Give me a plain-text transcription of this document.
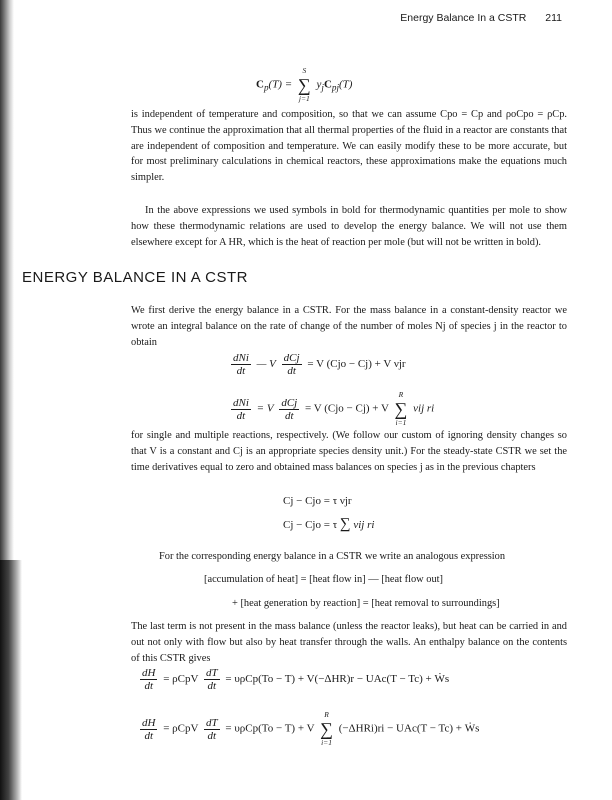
Energy Balance In a CSTR 211
$C_p(T)$ =
S
∑
j=1
$y_jC_{pj}(T)$
is independent of temperature and composition, so that we can assume Cpo = Cp and ρoCpo = ρCp. Thus we continue the approximation that all thermal properties of the fluid in a reactor are constants that are independent of composition and temperature. We can easily modify these to be more accurate, but for most preliminary calculations in chemical reactors, these approximations make the equations much simpler.
In the above expressions we used symbols in bold for thermodynamic quantities per mole to show how these thermodynamic relations are used to develop the energy balance. We will not use them elsewhere except for A HR, which is the heat of reaction per mole (but will not be written in bold).
ENERGY BALANCE IN A CSTR
We first derive the energy balance in a CSTR. For the mass balance in a constant-density reactor we wrote an integral balance on the rate of change of the number of moles Nj of species j in the reactor to obtain
$\frac{\text{dNi}}{dt}$ — V $\frac{\text{dCj}}{dt} = V$ (Cjo − Cj) + V νjr
$\frac{\text{dNi}}{dt} = V \frac{\text{dCj}}{dt} = V$ (Cjo − Cj) + V
R
∑
i=1
νij ri
for single and multiple reactions, respectively. (We follow our custom of ignoring density changes so that V is a constant and Cj is an appropriate species density unit.) For the steady-state CSTR we set the time derivatives equal to zero and obtained mass balances on species j as in the previous chapters
Cj − Cjo = τ νjr
Cj − Cjo = τ ∑ νij ri
For the corresponding energy balance in a CSTR we write an analogous expression
[accumulation of heat] = [heat flow in] — [heat flow out]
+ [heat generation by reaction] = [heat removal to surroundings]
The last term is not present in the mass balance (unless the reactor leaks), but heat can be carried in and out not only with flow but also by heat transfer through the walls. An enthalpy balance on the contents of this CSTR gives
$\frac{dH}{dt} = \rho CpV \frac{dT}{dt} = \upsilon\rho Cp(To - T) + V(-\Delta HR)r - UAc(T - Tc)$ + Ẇs
$\frac{dH}{dt} = \rho CpV \frac{dT}{dt} = \upsilon\rho Cp(To - T) + V$
R
∑
i=1
(−ΔHRi)ri − UAc(T − Tc) + Ẇs
